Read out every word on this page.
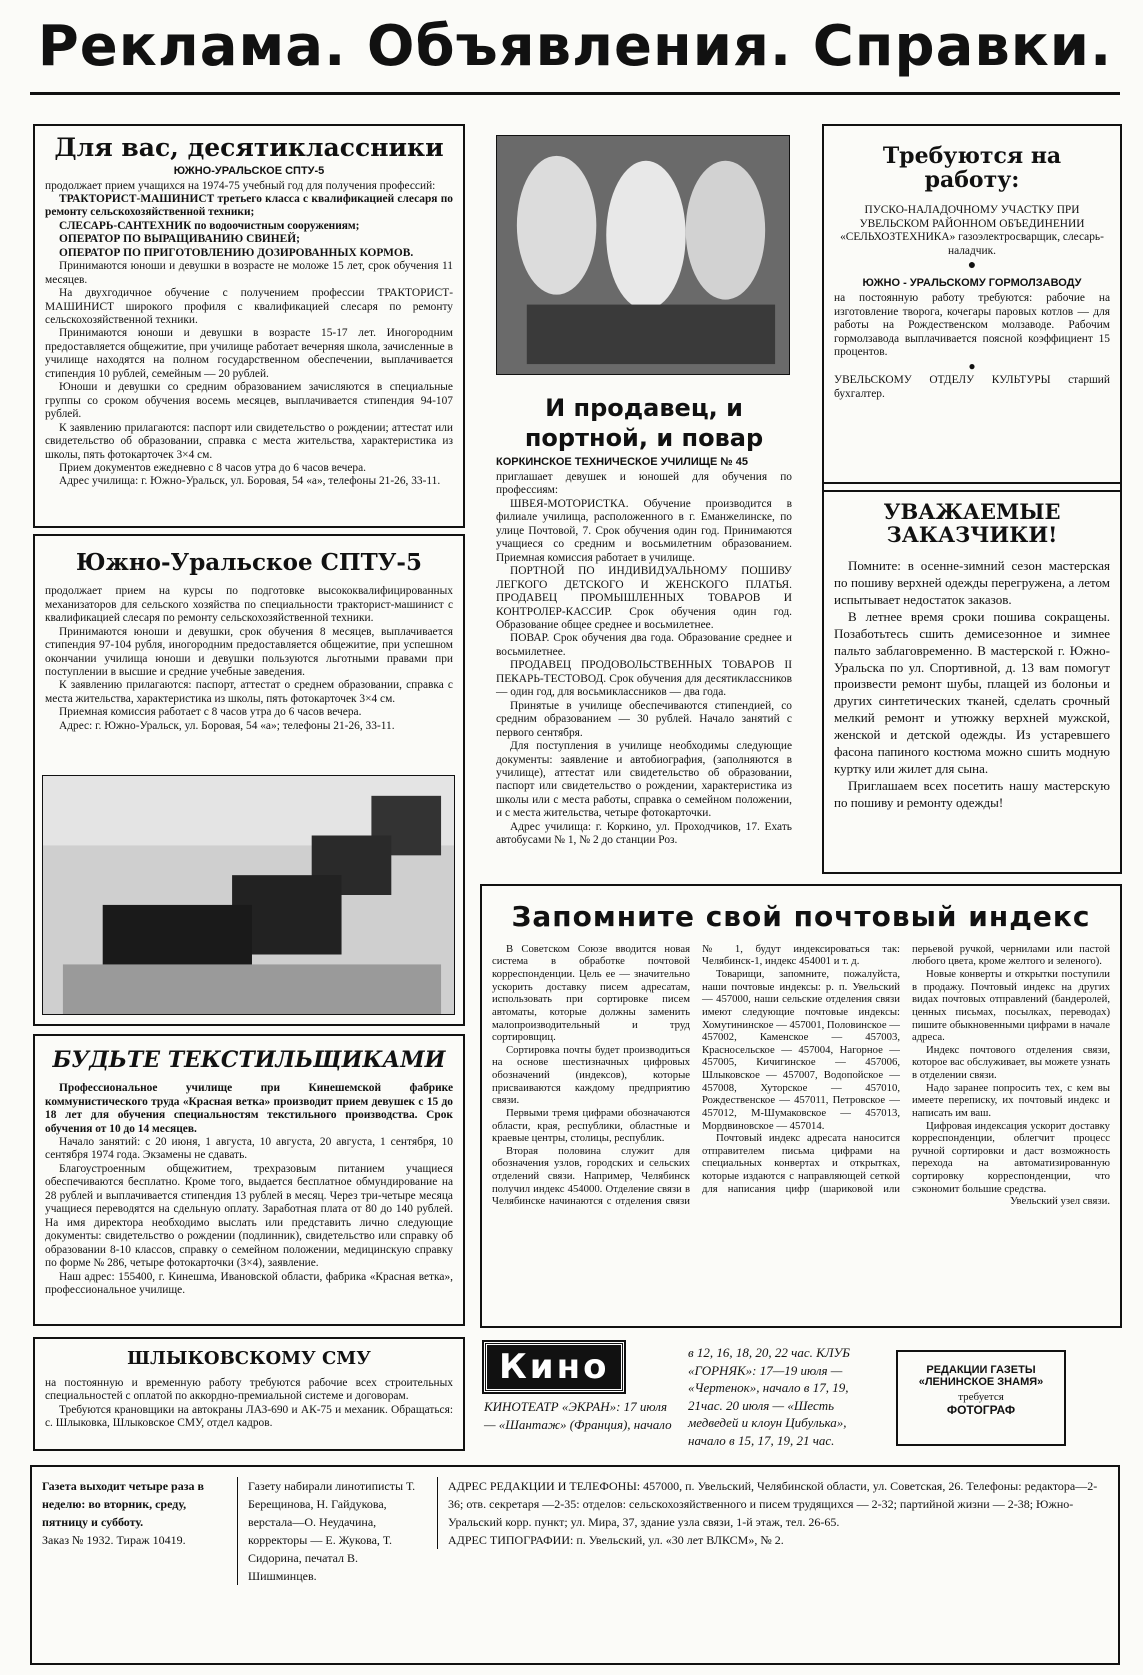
Реклама. Объявления. Справки.
Для вас, десятиклассники
ЮЖНО-УРАЛЬСКОЕ СПТУ-5
продолжает прием учащихся на 1974-75 учебный год для получения профессий:
ТРАКТОРИСТ-МАШИНИСТ третьего класса с квалификацией слесаря по ремонту сельскохозяйственной техники;
СЛЕСАРЬ-САНТЕХНИК по водоочистным сооружениям;
ОПЕРАТОР ПО ВЫРАЩИВАНИЮ СВИНЕЙ;
ОПЕРАТОР ПО ПРИГОТОВЛЕНИЮ ДОЗИРОВАННЫХ КОРМОВ.
Принимаются юноши и девушки в возрасте не моложе 15 лет, срок обучения 11 месяцев.
На двухгодичное обучение с получением профессии ТРАКТОРИСТ-МАШИНИСТ широкого профиля с квалификацией слесаря по ремонту сельскохозяйственной техники.
Принимаются юноши и девушки в возрасте 15-17 лет. Иногородним предоставляется общежитие, при училище работает вечерняя школа, зачисленные в училище находятся на полном государственном обеспечении, выплачивается стипендия 10 рублей, семейным — 20 рублей.
Юноши и девушки со средним образованием зачисляются в специальные группы со сроком обучения восемь месяцев, выплачивается стипендия 94-107 рублей.
К заявлению прилагаются: паспорт или свидетельство о рождении; аттестат или свидетельство об образовании, справка с места жительства, характеристика из школы, пять фотокарточек 3×4 см.
Прием документов ежедневно с 8 часов утра до 6 часов вечера.
Адрес училища: г. Южно-Уральск, ул. Боровая, 54 «а», телефоны 21-26, 33-11.
Южно-Уральское СПТУ-5
продолжает прием на курсы по подготовке высококвалифицированных механизаторов для сельского хозяйства по специальности тракторист-машинист с квалификацией слесаря по ремонту сельскохозяйственной техники.
Принимаются юноши и девушки, срок обучения 8 месяцев, выплачивается стипендия 97-104 рубля, иногородним предоставляется общежитие, при успешном окончании училища юноши и девушки пользуются льготными правами при поступлении в высшие и средние учебные заведения.
К заявлению прилагаются: паспорт, аттестат о среднем образовании, справка с места жительства, характеристика из школы, пять фотокарточек 3×4 см.
Приемная комиссия работает с 8 часов утра до 6 часов вечера.
Адрес: г. Южно-Уральск, ул. Боровая, 54 «а»; телефоны 21-26, 33-11.
БУДЬТЕ ТЕКСТИЛЬЩИКАМИ
Профессиональное училище при Кинешемской фабрике коммунистического труда «Красная ветка» производит прием девушек с 15 до 18 лет для обучения специальностям текстильного производства. Срок обучения от 10 до 14 месяцев.
Начало занятий: с 20 июня, 1 августа, 10 августа, 20 августа, 1 сентября, 10 сентября 1974 года. Экзамены не сдавать.
Благоустроенным общежитием, трехразовым питанием учащиеся обеспечиваются бесплатно. Кроме того, выдается бесплатное обмундирование на 28 рублей и выплачивается стипендия 13 рублей в месяц. Через три-четыре месяца учащиеся переводятся на сдельную оплату. Заработная плата от 80 до 140 рублей. На имя директора необходимо выслать или представить лично следующие документы: свидетельство о рождении (подлинник), свидетельство или справку об образовании 8-10 классов, справку о семейном положении, медицинскую справку по форме № 286, четыре фотокарточки (3×4), заявление.
Наш адрес: 155400, г. Кинешма, Ивановской области, фабрика «Красная ветка», профессиональное училище.
ШЛЫКОВСКОМУ СМУ
на постоянную и временную работу требуются рабочие всех строительных специальностей с оплатой по аккордно-премиальной системе и договорам.
Требуются крановщики на автокраны ЛАЗ-690 и АК-75 и механик. Обращаться: с. Шлыковка, Шлыковское СМУ, отдел кадров.
И продавец, и портной, и повар
КОРКИНСКОЕ ТЕХНИЧЕСКОЕ УЧИЛИЩЕ № 45
приглашает девушек и юношей для обучения по профессиям:
ШВЕЯ-МОТОРИСТКА. Обучение производится в филиале училища, расположенного в г. Еманжелинске, по улице Почтовой, 7. Срок обучения один год. Принимаются учащиеся со средним и восьмилетним образованием. Приемная комиссия работает в училище.
ПОРТНОЙ ПО ИНДИВИДУАЛЬНОМУ ПОШИВУ ЛЕГКОГО ДЕТСКОГО И ЖЕНСКОГО ПЛАТЬЯ. ПРОДАВЕЦ ПРОМЫШЛЕННЫХ ТОВАРОВ И КОНТРОЛЕР-КАССИР. Срок обучения один год. Образование общее среднее и восьмилетнее.
ПОВАР. Срок обучения два года. Образование среднее и восьмилетнее.
ПРОДАВЕЦ ПРОДОВОЛЬСТВЕННЫХ ТОВАРОВ II ПЕКАРЬ-ТЕСТОВОД. Срок обучения для десятиклассников — один год, для восьмиклассников — два года.
Принятые в училище обеспечиваются стипендией, со средним образованием — 30 рублей. Начало занятий с первого сентября.
Для поступления в училище необходимы следующие документы: заявление и автобиография, (заполняются в училище), аттестат или свидетельство об образовании, паспорт или свидетельство о рождении, характеристика из школы или с места работы, справка о семейном положении, и с места жительства, четыре фотокарточки.
Адрес училища: г. Коркино, ул. Проходчиков, 17. Ехать автобусами № 1, № 2 до станции Роз.
Требуются на работу:
ПУСКО-НАЛАДОЧНОМУ УЧАСТКУ ПРИ УВЕЛЬСКОМ РАЙОННОМ ОБЪЕДИНЕНИИ «СЕЛЬХОЗТЕХНИКА» газоэлектросварщик, слесарь-наладчик.
●
ЮЖНО - УРАЛЬСКОМУ ГОРМОЛЗАВОДУ
на постоянную работу требуются: рабочие на изготовление творога, кочегары паровых котлов — для работы на Рождественском молзаводе. Рабочим гормолзавода выплачивается поясной коэффициент 15 процентов.
●
УВЕЛЬСКОМУ ОТДЕЛУ КУЛЬТУРЫ старший бухгалтер.
УВАЖАЕМЫЕ ЗАКАЗЧИКИ!
Помните: в осенне-зимний сезон мастерская по пошиву верхней одежды перегружена, а летом испытывает недостаток заказов.
В летнее время сроки пошива сокращены. Позаботьтесь сшить демисезонное и зимнее пальто заблаговременно. В мастерской г. Южно-Уральска по ул. Спортивной, д. 13 вам помогут произвести ремонт шубы, плащей из болоньи и других синтетических тканей, сделать срочный мелкий ремонт и утюжку верхней мужской, женской и детской одежды. Из устаревшего фасона папиного костюма можно сшить модную куртку или жилет для сына.
Приглашаем всех посетить нашу мастерскую по пошиву и ремонту одежды!
Запомните свой почтовый индекс
В Советском Союзе вводится новая система в обработке почтовой корреспонденции. Цель ее — значительно ускорить доставку писем адресатам, использовать при сортировке писем автоматы, которые должны заменить малопроизводительный и труд сортировщиц.
Сортировка почты будет производиться на основе шестизначных цифровых обозначений (индексов), которые присваиваются каждому предприятию связи.
Первыми тремя цифрами обозначаются области, края, республики, областные и краевые центры, столицы, республик.
Вторая половина служит для обозначения узлов, городских и сельских отделений связи. Например, Челябинск получил индекс 454000. Отделение связи в Челябинске начинаются с отделения связи № 1, будут индексироваться так: Челябинск-1, индекс 454001 и т. д.
Товарищи, запомните, пожалуйста, наши почтовые индексы: р. п. Увельский — 457000, наши сельские отделения связи имеют следующие почтовые индексы: Хомутининское — 457001, Половинское — 457002, Каменское — 457003, Красносельское — 457004, Нагорное — 457005, Кичигинское — 457006, Шлыковское — 457007, Водопойское — 457008, Хуторское — 457010, Рождественское — 457011, Петровское — 457012, М-Шумаковское — 457013, Мордвиновское — 457014.
Почтовый индекс адресата наносится отправителем письма цифрами на специальных конвертах и открытках, которые издаются с направляющей сеткой для написания цифр (шариковой или перьевой ручкой, чернилами или пастой любого цвета, кроме желтого и зеленого).
Новые конверты и открытки поступили в продажу. Почтовый индекс на других видах почтовых отправлений (бандеролей, ценных письмах, посылках, переводах) пишите обыкновенными цифрами в начале адреса.
Индекс почтового отделения связи, которое вас обслуживает, вы можете узнать в отделении связи.
Надо заранее попросить тех, с кем вы имеете переписку, их почтовый индекс и написать им ваш.
Цифровая индексация ускорит доставку корреспонденции, облегчит процесс ручной сортировки и даст возможность перехода на автоматизированную сортировку корреспонденции, что сэкономит большие средства.
Увельский узел связи.
Кино
КИНОТЕАТР «ЭКРАН»: 17 июля — «Шантаж» (Франция), начало
в 12, 16, 18, 20, 22 час. КЛУБ «ГОРНЯК»: 17—19 июля — «Чертенок», начало в 17, 19, 21час. 20 июля — «Шесть медведей и клоун Цибулька», начало в 15, 17, 19, 21 час.
РЕДАКЦИИ ГАЗЕТЫ «ЛЕНИНСКОЕ ЗНАМЯ»
требуется
ФОТОГРАФ
Газета выходит четыре раза в неделю: во вторник, среду, пятницу и субботу.
Заказ № 1932. Тираж 10419.
Газету набирали линотиписты Т. Берещинова, Н. Гайдукова, верстала—О. Неудачина, корректоры — Е. Жукова, Т. Сидорина, печатал В. Шишминцев.
АДРЕС РЕДАКЦИИ И ТЕЛЕФОНЫ: 457000, п. Увельский, Челябинской области, ул. Советская, 26. Телефоны: редактора—2-36; отв. секретаря —2-35: отделов: сельскохозяйственного и писем трудящихся — 2-32; партийной жизни — 2-38; Южно-Уральский корр. пункт; ул. Мира, 37, здание узла связи, 1-й этаж, тел. 26-65.
АДРЕС ТИПОГРАФИИ: п. Увельский, ул. «30 лет ВЛКСМ», № 2.
